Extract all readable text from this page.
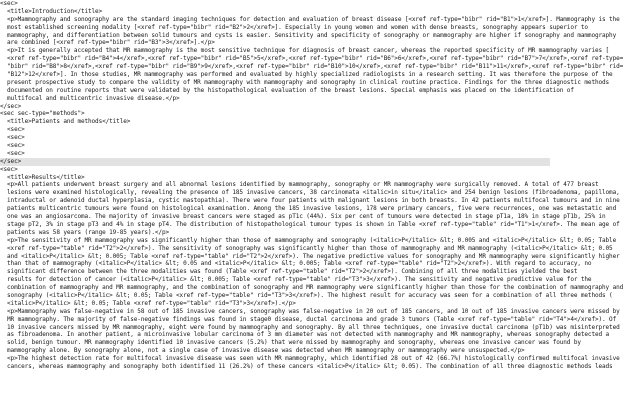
<sec>
<title>Introduction</title>
<p>Mammography and sonography are the standard imaging techniques for detection and evaluation of breast disease [<xref ref-type="bibr" rid="B1">1</xref>]. Mammography is the
most established screening modality [<xref ref-type="bibr" rid="B2">2</xref>]. Especially in young women and women with dense breasts, sonography appears superior to
mammography, and differentiation between solid tumours and cysts is easier. Sensitivity and specificity of sonography or mammography are higher if sonography and mammography
are combined [<xref ref-type="bibr" rid="B3">3</xref>].</p>
<p>It is generally accepted that MR mammography is the most sensitive technique for diagnosis of breast cancer, whereas the reported specificity of MR mammography varies [
<xref ref-type="bibr" rid="B4">4</xref>,<xref ref-type="bibr" rid="B5">5</xref>,<xref ref-type="bibr" rid="B6">6</xref>,<xref ref-type="bibr" rid="B7">7</xref>,<xref ref-type=
"bibr" rid="B8">8</xref>,<xref ref-type="bibr" rid="B9">9</xref>,<xref ref-type="bibr" rid="B10">10</xref>,<xref ref-type="bibr" rid="B11">11</xref>,<xref ref-type="bibr" rid=
"B12">12</xref>]. In those studies, MR mammography was performed and evaluated by highly specialized radiologists in a research setting. It was therefore the purpose of the
present prospective study to compare the validity of MR mammography with mammography and sonography in clinical routine practice. Findings for the three diagnostic methods
documented on routine reports that were validated by the histopathological evaluation of the breast lesions. Special emphasis was placed on the identification of
multifocal and multicentric invasive disease.</p>
</sec>
<sec sec-type="methods">
<title>Patients and methods</title>
<sec>
<sec>
<sec>
<sec>
</sec>
<sec>
<title>Results</title>
<p>All patients underwent breast surgery and all abnormal lesions identified by mammography, sonography or MR mammography were surgically removed. A total of 477 breast
lesions were examined histologically, revealing the presence of 185 invasive cancers, 38 carcinomata <italic>in situ</italic> and 254 benign lesions (fibroadenoma, papilloma,
intraductal or adenoid ductal hyperplasia, cystic mastopathia). There were four patients with malignant lesions in both breasts. In 42 patients multifocal tumours and in nine
patients multicentric tumours were found on histological examination. Among the 185 invasive lesions, 178 were primary cancers, five were recurrences, one was metastatic and
one was an angiosarcoma. The majority of invasive breast cancers were staged as pT1c (44%). Six per cent of tumours were detected in stage pT1a, 18% in stage pT1b, 25% in
stage pT2, 3% in stage pT3 and 4% in stage pT4. The distribution of histopathological tumour types is shown in Table <xref ref-type="table" rid="T1">1</xref>. The mean age of
patients was 58 years (range 19-85 years).</p>
<p>The sensitivity of MR mammography was significantly higher than those of mammography and sonography (<italic>P</italic> &lt; 0.005 and <italic>P</italic> &lt; 0.05; Table
<xref ref-type="table" rid="T2">2</xref>). The sensitivity of sonography was significantly higher than those of mammography and MR mammography (<italic>P</italic> &lt; 0.05
and <italic>P</italic> &lt; 0.005; Table <xref ref-type="table" rid="T2">2</xref>). The negative predictive values for sonography and MR mammography were significantly higher
than that of mammography (<italic>P</italic> &lt; 0.05 and <italic>P</italic> &lt; 0.005; Table <xref ref-type="table" rid="T2">2</xref>). With regard to accuracy, no
significant difference between the three modalities was found (Table <xref ref-type="table" rid="T2">2</xref>). Combining of all three modalities yielded the best
results for detection of cancer (<italic>P</italic> &lt; 0.005; Table <xref ref-type="table" rid="T3">3</xref>). The sensitivity and negative predictive value for the
combination of mammography and MR mammography, and the combination of sonography and MR mammography were significantly higher than those for the combination of mammography and
sonography (<italic>P</italic> &lt; 0.05; Table <xref ref-type="table" rid="T3">3</xref>). The highest result for accuracy was seen for a combination of all three methods (
<italic>P</italic> &lt; 0.05; Table <xref ref-type="table" rid="T3">3</xref>).</p>
<p>Mammography was false-negative in 58 out of 185 invasive cancers, sonography was false-negative in 20 out of 185 cancers, and 10 out of 185 invasive cancers were missed by
MR mammography. The majority of false-negative findings was found in stage0 disease, ductal carcinoma and grade 3 tumors (Table <xref ref-type="table" rid="T4">4</xref>). Of
10 invasive cancers missed by MR mammography, eight were found by mammography and sonography. By all three techniques, one invasive ductal carcinoma (pT1b) was misinterpreted
as fibroadenoma. In another patient, a microinvasive lobular carcinoma of 3 mm diameter was not detected with mammography and MR mammography, whereas sonography detected a
solid, benign tumour. MR mammography identified 10 invasive cancers (5.2%) that were missed by mammography and sonography, whereas one invasive cancer was found by
mammography alone. By sonography alone, not a single case of invasive disease was detected when MR mammography or mammography were unsuspected.</p>
<p>The highest detection rate for multifocal invasive disease was seen with MR mammography, which identified 28 out of 42 (66.7%) histologically confirmed multifocal invasive
cancers, whereas mammography and sonography both identified 11 (26.2%) of these cancers <italic>P</italic> &lt; 0.05). The combination of all three diagnostic methods leads
